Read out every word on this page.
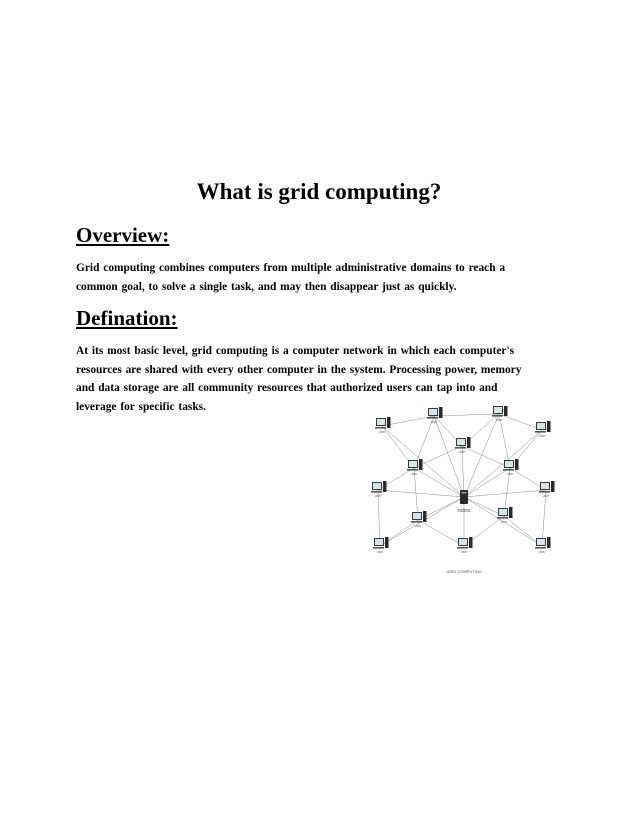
What is grid computing?
Overview:

Grid computing combines computers from multiple administrative domains to reach a
common goal, to solve a single task, and may then disappear just as quickly.

Defination:

At its most basic level, grid computing is a computer network in which each computer's
resources are shared with every other computer in the system. Processing power, memory
and data storage are all community resources that authorized users can tap into and
leverage for specific tasks.

User
User	User
User
User
User	User
User	User
User
User
User	User	User
NODE
GRID COMPUTING
